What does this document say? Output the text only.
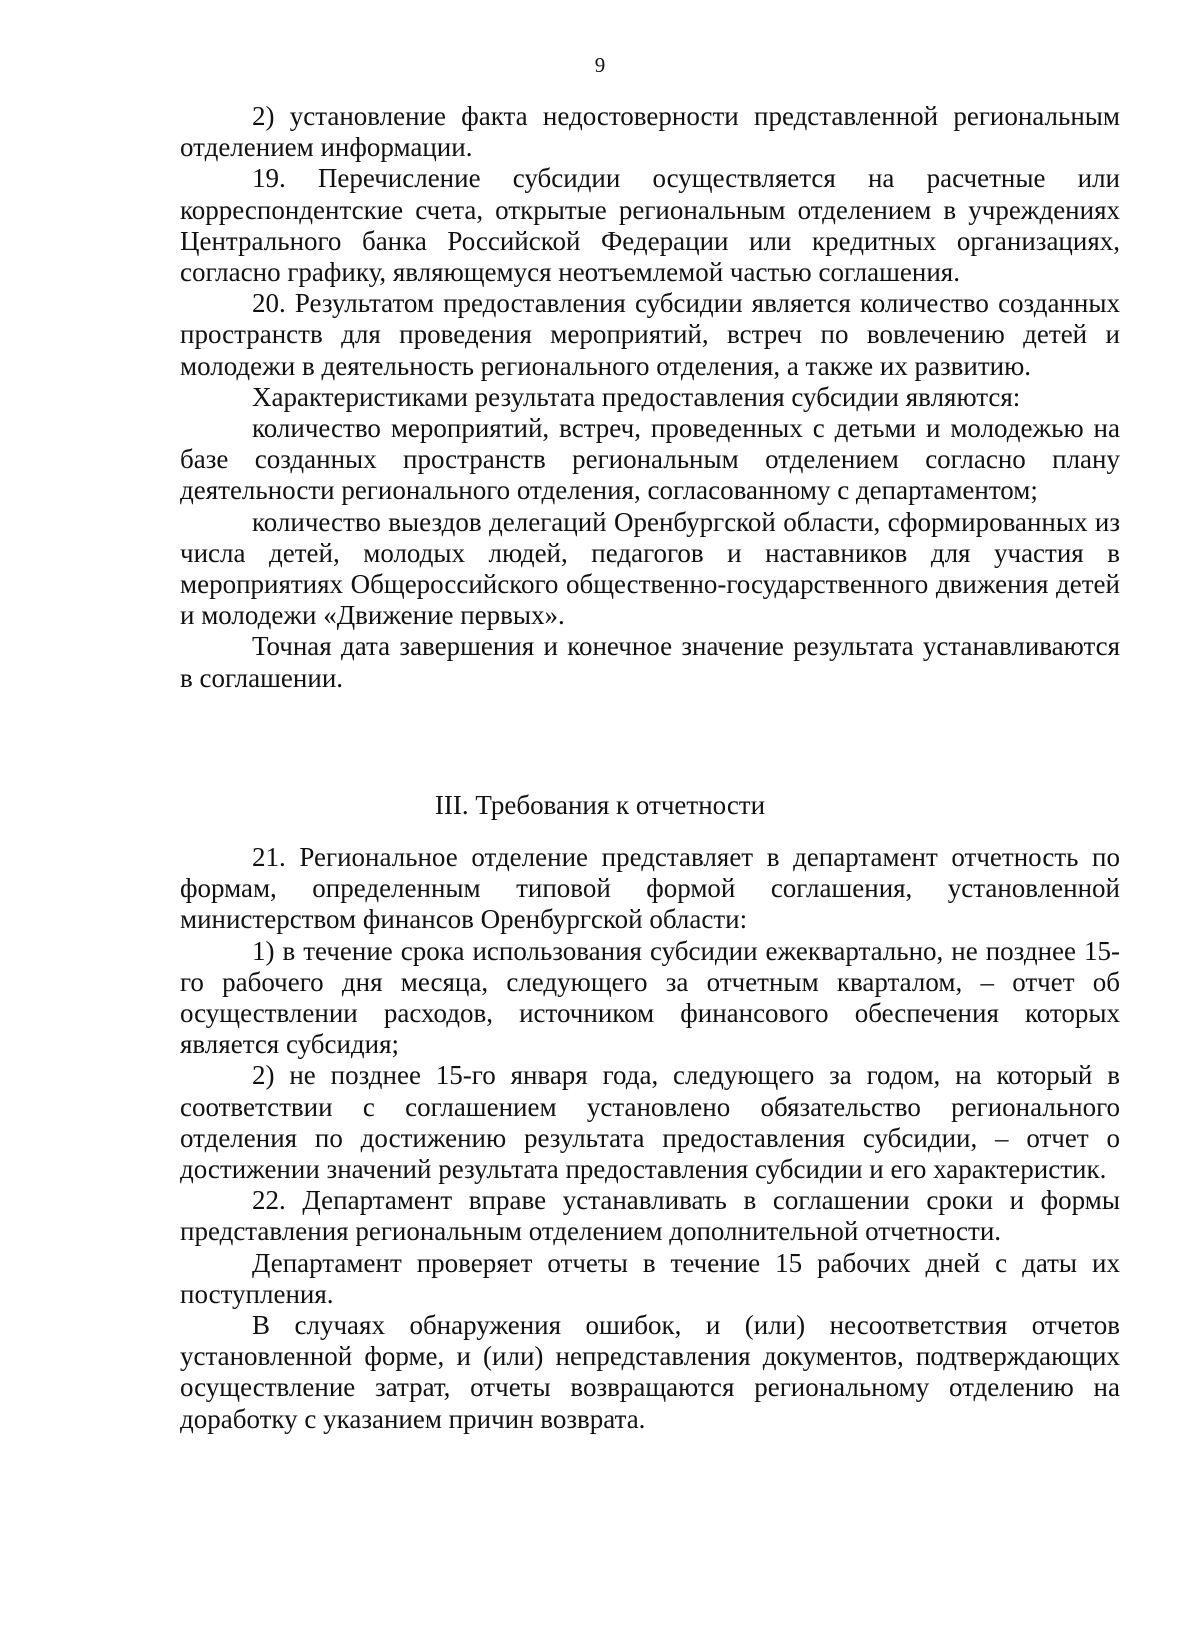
9

2) установление факта недостоверности представленной региональным отделением информации.

19. Перечисление субсидии осуществляется на расчетные или корреспондентские счета, открытые региональным отделением в учреждениях Центрального банка Российской Федерации или кредитных организациях, согласно графику, являющемуся неотъемлемой частью соглашения.

20. Результатом предоставления субсидии является количество созданных пространств для проведения мероприятий, встреч по вовлечению детей и молодежи в деятельность регионального отделения, а также их развитию.

Характеристиками результата предоставления субсидии являются:

количество мероприятий, встреч, проведенных с детьми и молодежью на базе созданных пространств региональным отделением согласно плану деятельности регионального отделения, согласованному с департаментом;

количество выездов делегаций Оренбургской области, сформированных из числа детей, молодых людей, педагогов и наставников для участия в мероприятиях Общероссийского общественно-государственного движения детей и молодежи «Движение первых».

Точная дата завершения и конечное значение результата устанавливаются в соглашении.

III. Требования к отчетности

21. Региональное отделение представляет в департамент отчетность по формам, определенным типовой формой соглашения, установленной министерством финансов Оренбургской области:

1) в течение срока использования субсидии ежеквартально, не позднее 15-го рабочего дня месяца, следующего за отчетным кварталом, – отчет об осуществлении расходов, источником финансового обеспечения которых является субсидия;

2) не позднее 15-го января года, следующего за годом, на который в соответствии с соглашением установлено обязательство регионального отделения по достижению результата предоставления субсидии, – отчет о достижении значений результата предоставления субсидии и его характеристик.

22. Департамент вправе устанавливать в соглашении сроки и формы представления региональным отделением дополнительной отчетности.

Департамент проверяет отчеты в течение 15 рабочих дней с даты их поступления.

В случаях обнаружения ошибок, и (или) несоответствия отчетов установленной форме, и (или) непредставления документов, подтверждающих осуществление затрат, отчеты возвращаются региональному отделению на доработку с указанием причин возврата.
